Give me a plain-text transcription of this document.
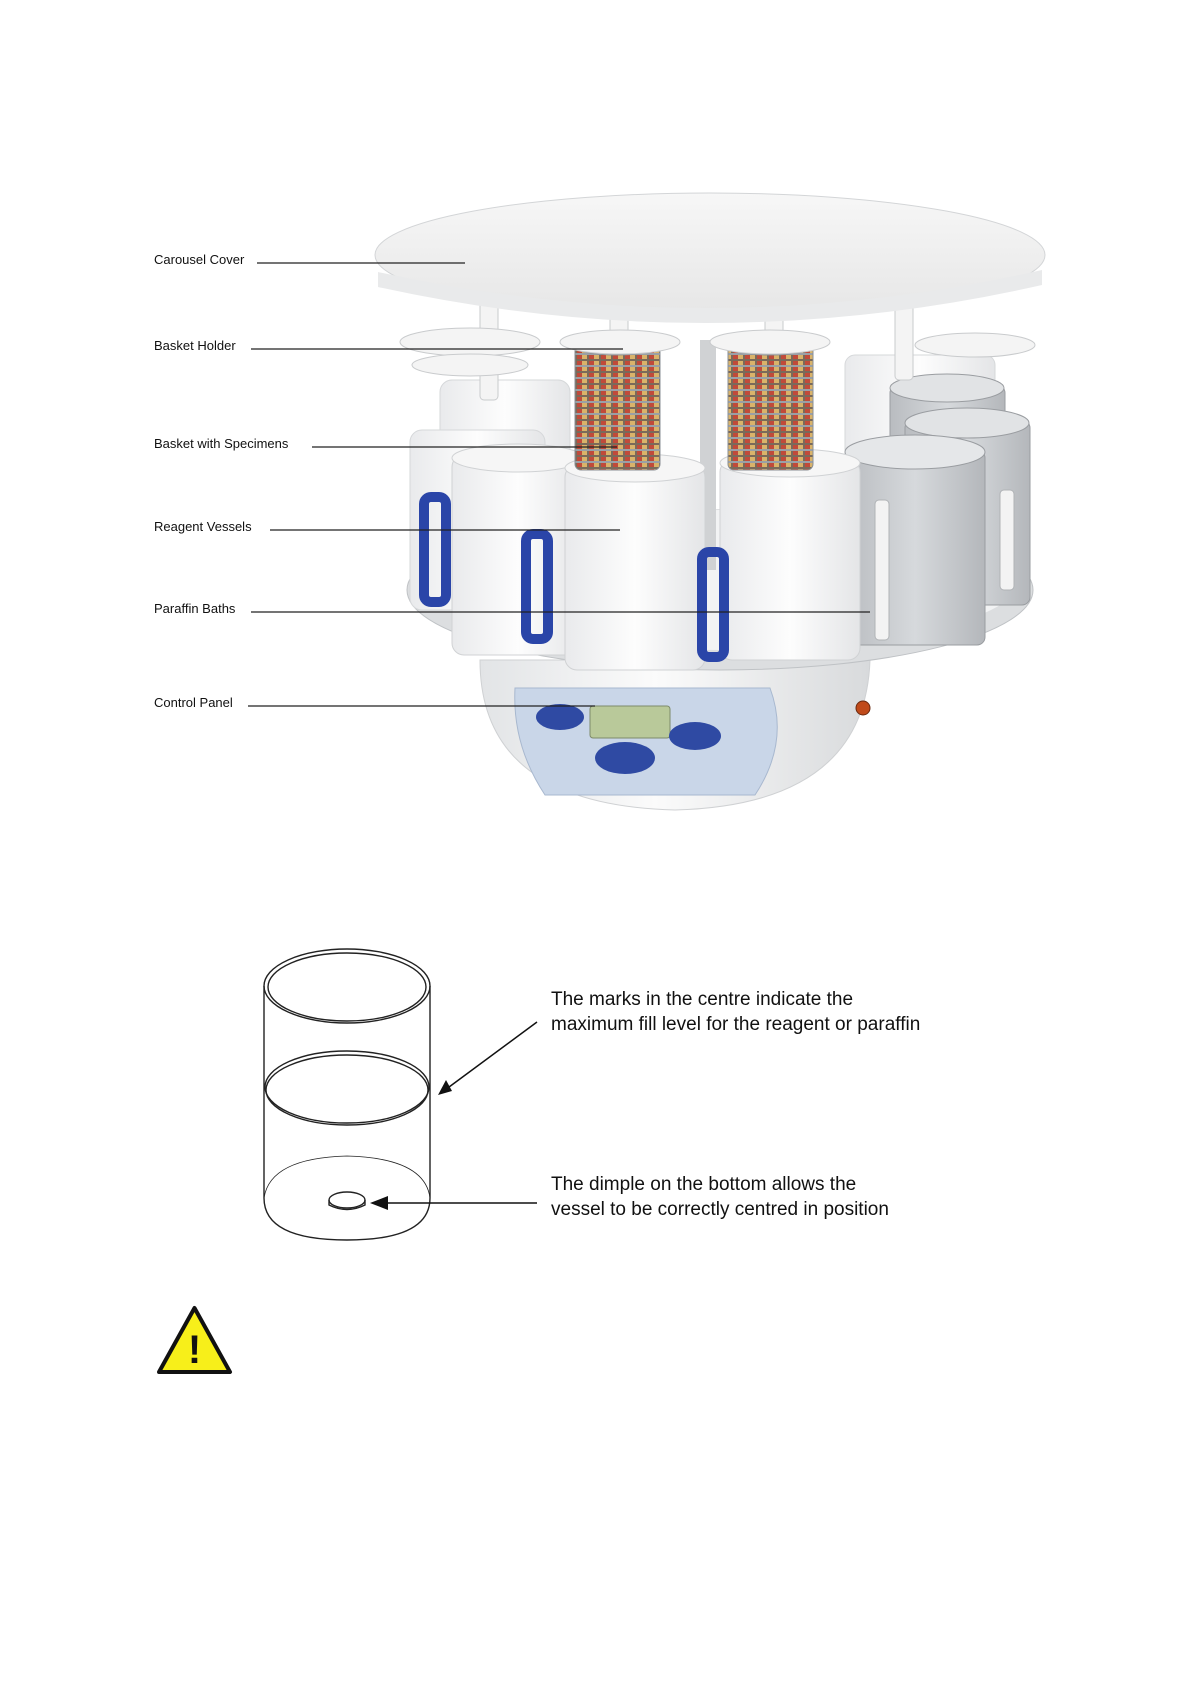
Carousel Cover
Basket Holder
Basket with Specimens
Reagent Vessels
Paraffin Baths
Control Panel
The marks in the centre indicate the
maximum fill level for the reagent or paraffin
The dimple on the bottom allows the
vessel to be correctly centred in position
!
